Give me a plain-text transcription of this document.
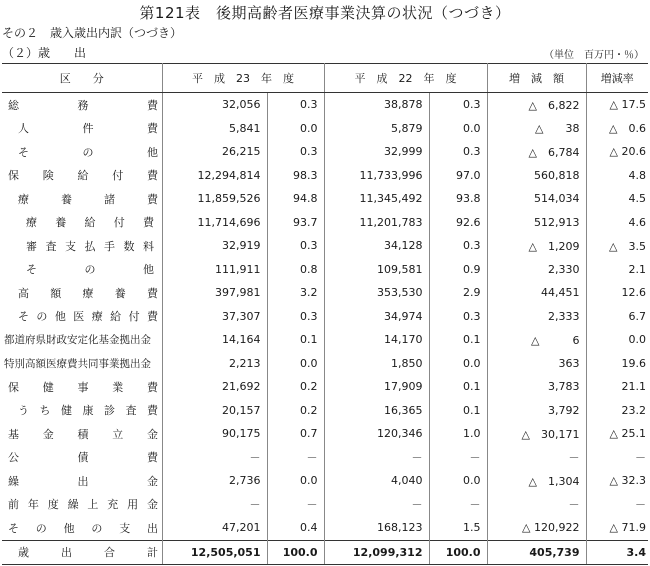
第121表　後期高齢者医療事業決算の状況（つづき）
その２　歳入歳出内訳（つづき）
（２）歳　　出	（単位　百万円・％）
区　　分	平　成　23　年　度		平　成　22　年　度		増　減　額	増減率

総務費	32,056	0.3	38,878	0.3	△　6,822	△ 17.5

人件費	5,841	0.0	5,879	0.0	△　　38	△　0.6

その他	26,215	0.3	32,999	0.3	△　6,784	△ 20.6

保険給付費	12,294,814	98.3	11,733,996	97.0	560,818	4.8

療養諸費	11,859,526	94.8	11,345,492	93.8	514,034	4.5

療養給付費	11,714,696	93.7	11,201,783	92.6	512,913	4.6

審査支払手数料	32,919	0.3	34,128	0.3	△　1,209	△　3.5

その他	111,911	0.8	109,581	0.9	2,330	2.1

高額療養費	397,981	3.2	353,530	2.9	44,451	12.6

その他医療給付費	37,307	0.3	34,974	0.3	2,333	6.7

都道府県財政安定化基金拠出金	14,164	0.1	14,170	0.1	△　　　6	0.0

特別高額医療費共同事業拠出金	2,213	0.0	1,850	0.0	363	19.6

保健事業費	21,692	0.2	17,909	0.1	3,783	21.1

うち健康診査費	20,157	0.2	16,365	0.1	3,792	23.2

基金積立金	90,175	0.7	120,346	1.0	△　30,171	△ 25.1

公債費	－	－	－	－	－	－

繰出金	2,736	0.0	4,040	0.0	△　1,304	△ 32.3

前年度繰上充用金	－	－	－	－	－	－

その他の支出	47,201	0.4	168,123	1.5	△ 120,922	△ 71.9

歳出合計	12,505,051	100.0	12,099,312	100.0	405,739	3.4
